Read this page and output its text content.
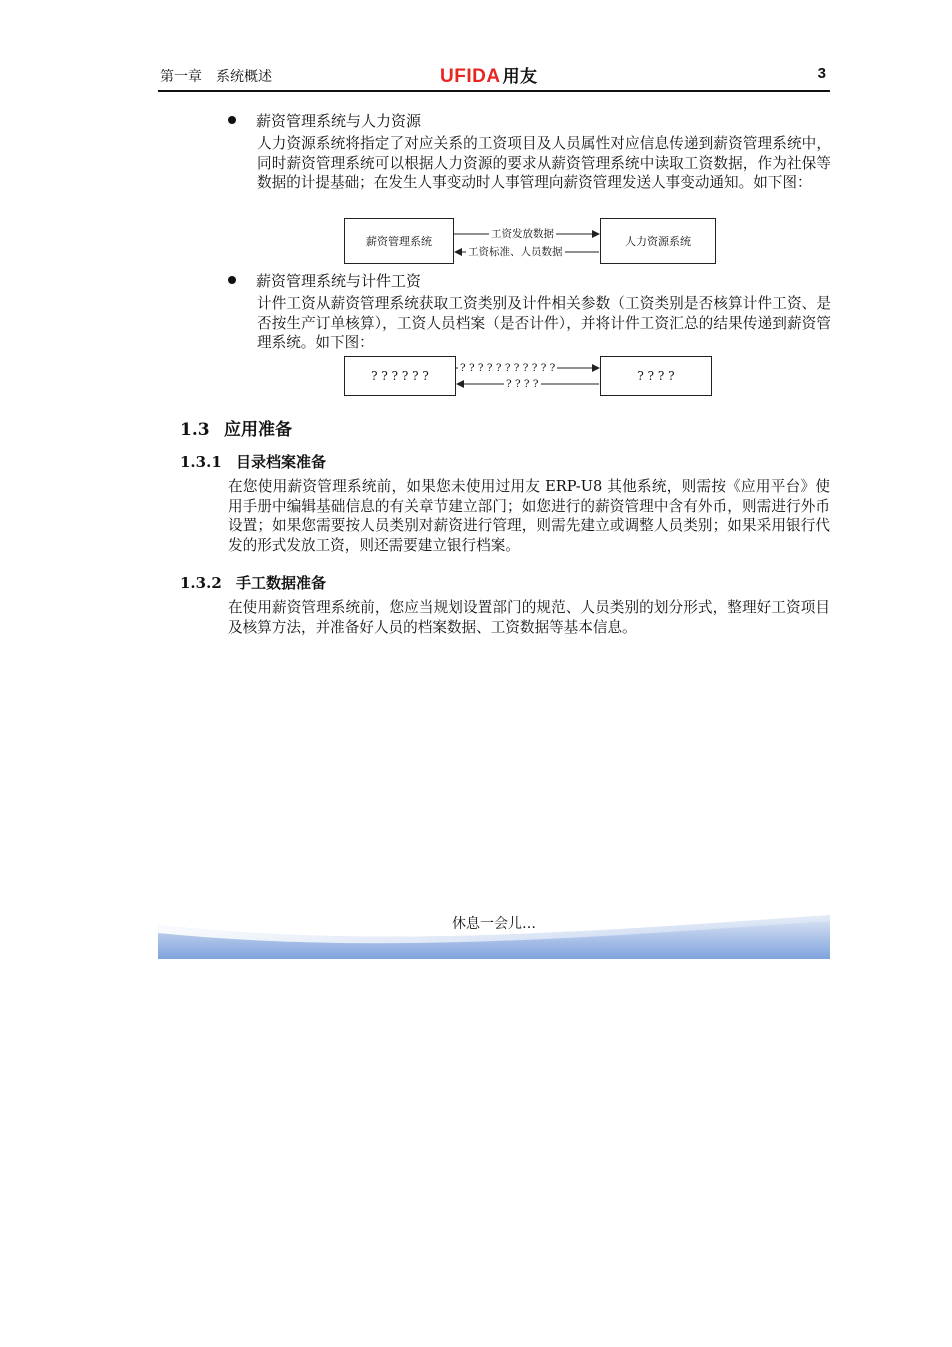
第一章　系统概述	UFIDA 用友	3
薪资管理系统与人力资源
人力资源系统将指定了对应关系的工资项目及人员属性对应信息传递到薪资管理系统中，同时薪资管理系统可以根据人力资源的要求从薪资管理系统中读取工资数据，作为社保等数据的计提基础；在发生人事变动时人事管理向薪资管理发送人事变动通知。如下图：
薪资管理系统	人力资源系统
工资发放数据
工资标准、人员数据
薪资管理系统与计件工资
计件工资从薪资管理系统获取工资类别及计件相关参数（工资类别是否核算计件工资、是否按生产订单核算），工资人员档案（是否计件），并将计件工资汇总的结果传递到薪资管理系统。如下图：
? ? ? ? ? ?	? ? ? ?
? ? ? ? ? ? ? ? ? ? ?
? ? ? ?
1.3 应用准备
1.3.1 目录档案准备
在您使用薪资管理系统前，如果您未使用过用友 ERP-U8 其他系统，则需按《应用平台》使用手册中编辑基础信息的有关章节建立部门；如您进行的薪资管理中含有外币，则需进行外币设置；如果您需要按人员类别对薪资进行管理，则需先建立或调整人员类别；如果采用银行代发的形式发放工资，则还需要建立银行档案。
1.3.2 手工数据准备
在使用薪资管理系统前，您应当规划设置部门的规范、人员类别的划分形式，整理好工资项目及核算方法，并准备好人员的档案数据、工资数据等基本信息。
休息一会儿…
